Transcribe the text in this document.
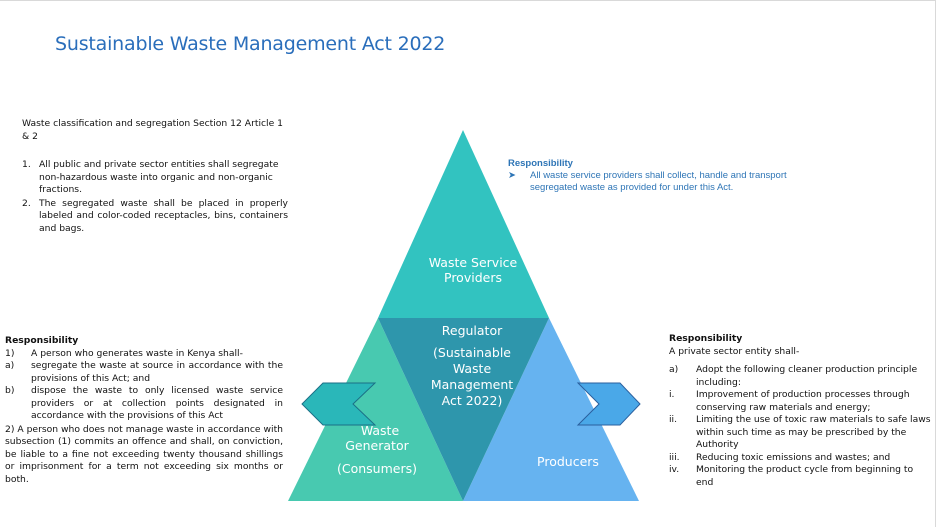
Sustainable Waste Management Act 2022
Waste classification and segregation Section 12 Article 1 & 2
1. All public and private sector entities shall segregate non-hazardous waste into organic and non-organic fractions.
2. The segregated waste shall be placed in properly labeled and color-coded receptacles, bins, containers and bags.
Waste Service
Providers
Regulator
(Sustainable
Waste
Management
Act 2022)
Waste
Generator
(Consumers)	Producers
Responsibility
➤	All waste service providers shall collect, handle and transport segregated waste as provided for under this Act.
Responsibility
1)	A person who generates waste in Kenya shall-
a)	segregate the waste at source in accordance with the provisions of this Act; and
b)	dispose the waste to only licensed waste service providers or at collection points designated in accordance with the provisions of this Act
2) A person who does not manage waste in accordance with subsection (1) commits an offence and shall, on conviction, be liable to a fine not exceeding twenty thousand shillings or imprisonment for a term not exceeding six months or both.
Responsibility
A private sector entity shall-
a)	Adopt the following cleaner production principle including:
i.	Improvement of production processes through conserving raw materials and energy;
ii.	Limiting the use of toxic raw materials to safe laws within such time as may be prescribed by the Authority
iii.	Reducing toxic emissions and wastes; and
iv.	Monitoring the product cycle from beginning to end
